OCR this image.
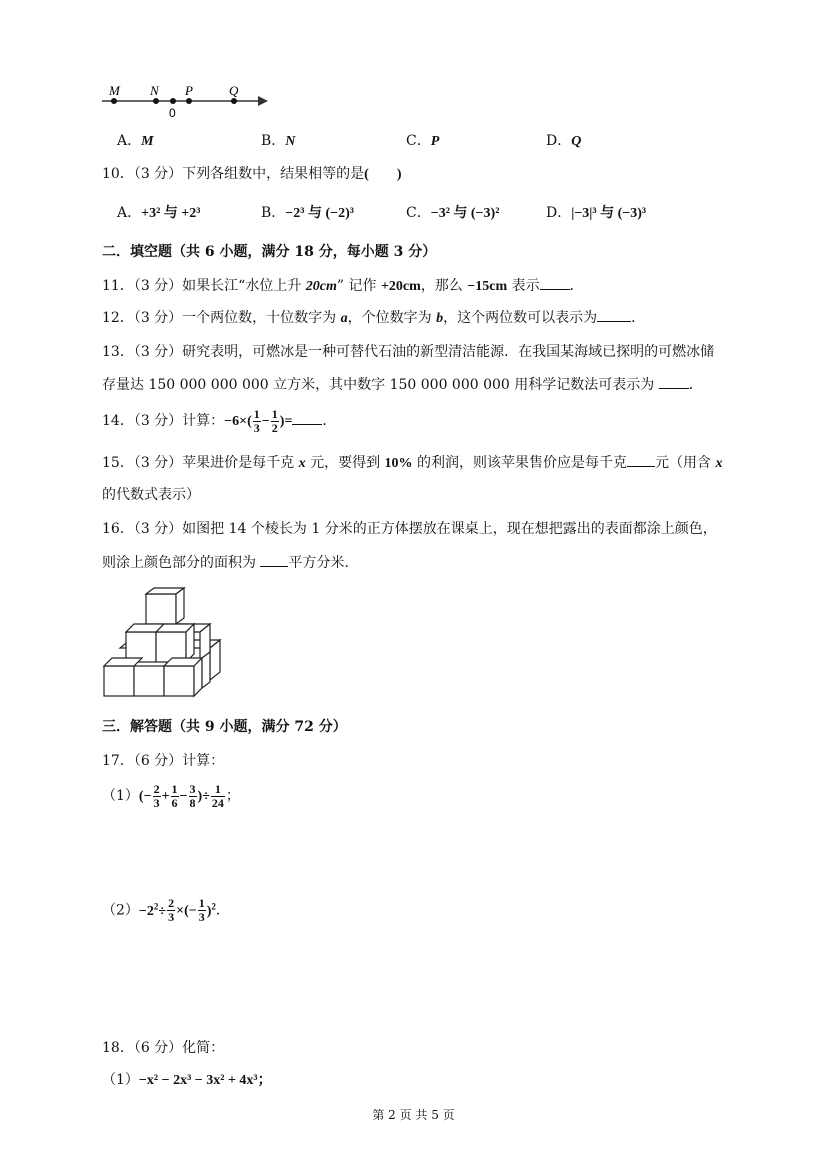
M N P	Q
0
A．M	B．N	C．P	D．Q
10．（3 分）下列各组数中，结果相等的是(　　)
A．+3² 与 +2³	B．−2³ 与 (−2)³	C．−3² 与 (−3)²	D．|−3|³ 与 (−3)³
二．填空题（共 6 小题，满分 18 分，每小题 3 分）
11．（3 分）如果长江“水位上升 20cm” 记作 +20cm，那么 −15cm 表示 ．
12．（3 分）一个两位数，十位数字为 a，个位数字为 b，这个两位数可以表示为 ．
13．（3 分）研究表明，可燃冰是一种可替代石油的新型清洁能源．在我国某海域已探明的可燃冰储
存量达 150 000 000 000 立方米，其中数字 150 000 000 000 用科学记数法可表示为 ．
14．（3 分）计算：$-6\times( \frac{1}{3} - \frac{1}{2}$ )= ．
15．（3 分）苹果进价是每千克 x 元，要得到 10% 的利润，则该苹果售价应是每千克 元（用含 x
的代数式表示）
16．（3 分）如图把 14 个棱长为 1 分米的正方体摆放在课桌上，现在想把露出的表面都涂上颜色，
则涂上颜色部分的面积为 平方分米．
三．解答题（共 9 小题，满分 72 分）
17．（6 分）计算：
$(1)(- \frac{2}{3} + \frac{1}{6} - \frac{3}{8}$ )÷ $\frac{1}{24}$ ；
$(2)-2^2\div \frac{2}{3}$ ×(− $\frac{1}{3} )^2$．
18．（6 分）化简：
（1）−x² − 2x³ − 3x² + 4x³；
第 2 页 共 5 页
